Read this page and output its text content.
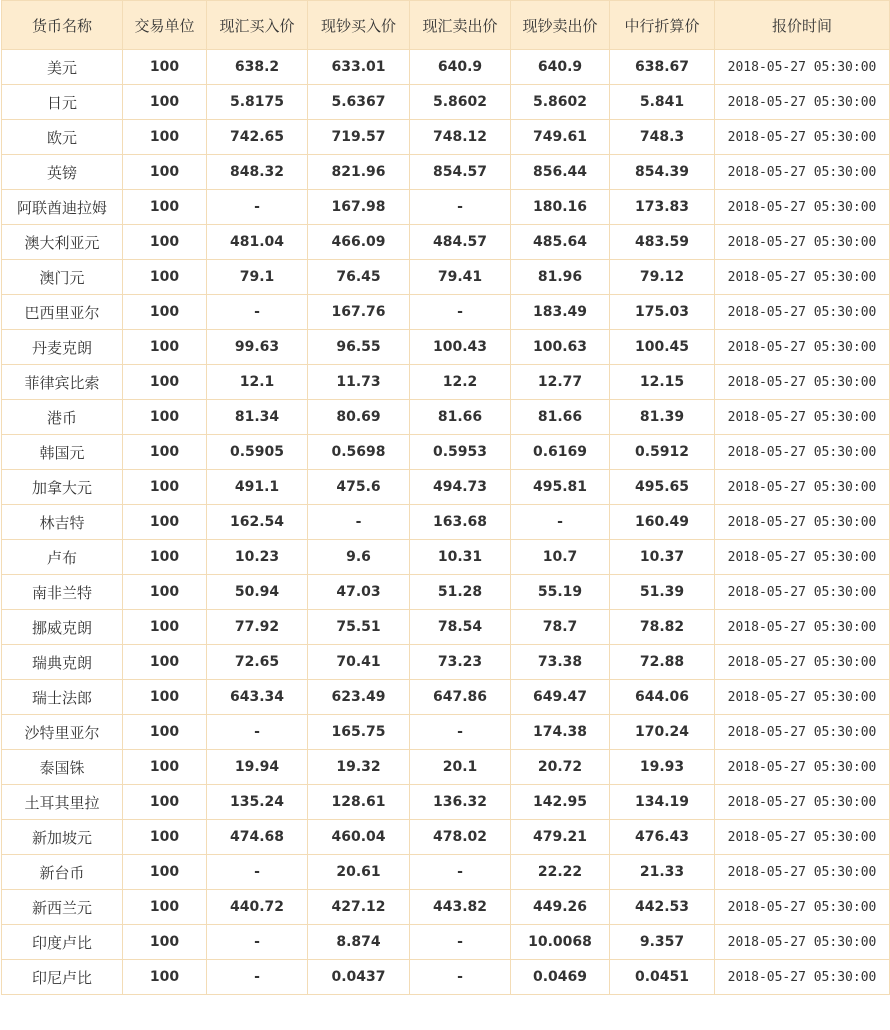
货币名称	交易单位	现汇买入价	现钞买入价	现汇卖出价	现钞卖出价	中行折算价	报价时间
美元	100	638.2	633.01	640.9	640.9	638.67	2018-05-27 05:30:00
日元	100	5.8175	5.6367	5.8602	5.8602	5.841	2018-05-27 05:30:00
欧元	100	742.65	719.57	748.12	749.61	748.3	2018-05-27 05:30:00
英镑	100	848.32	821.96	854.57	856.44	854.39	2018-05-27 05:30:00
阿联酋迪拉姆	100	-	167.98	-	180.16	173.83	2018-05-27 05:30:00
澳大利亚元	100	481.04	466.09	484.57	485.64	483.59	2018-05-27 05:30:00
澳门元	100	79.1	76.45	79.41	81.96	79.12	2018-05-27 05:30:00
巴西里亚尔	100	-	167.76	-	183.49	175.03	2018-05-27 05:30:00
丹麦克朗	100	99.63	96.55	100.43	100.63	100.45	2018-05-27 05:30:00
菲律宾比索	100	12.1	11.73	12.2	12.77	12.15	2018-05-27 05:30:00
港币	100	81.34	80.69	81.66	81.66	81.39	2018-05-27 05:30:00
韩国元	100	0.5905	0.5698	0.5953	0.6169	0.5912	2018-05-27 05:30:00
加拿大元	100	491.1	475.6	494.73	495.81	495.65	2018-05-27 05:30:00
林吉特	100	162.54	-	163.68	-	160.49	2018-05-27 05:30:00
卢布	100	10.23	9.6	10.31	10.7	10.37	2018-05-27 05:30:00
南非兰特	100	50.94	47.03	51.28	55.19	51.39	2018-05-27 05:30:00
挪威克朗	100	77.92	75.51	78.54	78.7	78.82	2018-05-27 05:30:00
瑞典克朗	100	72.65	70.41	73.23	73.38	72.88	2018-05-27 05:30:00
瑞士法郎	100	643.34	623.49	647.86	649.47	644.06	2018-05-27 05:30:00
沙特里亚尔	100	-	165.75	-	174.38	170.24	2018-05-27 05:30:00
泰国铢	100	19.94	19.32	20.1	20.72	19.93	2018-05-27 05:30:00
土耳其里拉	100	135.24	128.61	136.32	142.95	134.19	2018-05-27 05:30:00
新加坡元	100	474.68	460.04	478.02	479.21	476.43	2018-05-27 05:30:00
新台币	100	-	20.61	-	22.22	21.33	2018-05-27 05:30:00
新西兰元	100	440.72	427.12	443.82	449.26	442.53	2018-05-27 05:30:00
印度卢比	100	-	8.874	-	10.0068	9.357	2018-05-27 05:30:00
印尼卢比	100	-	0.0437	-	0.0469	0.0451	2018-05-27 05:30:00
